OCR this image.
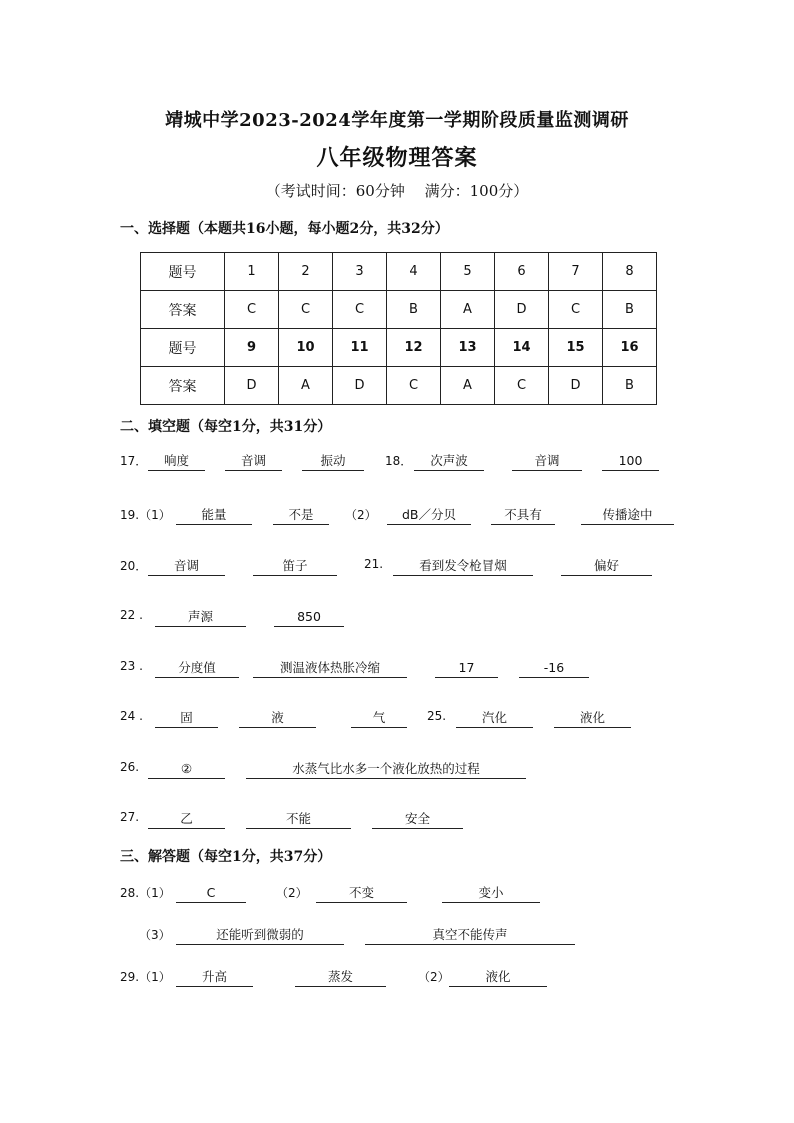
靖城中学2023-2024学年度第一学期阶段质量监测调研
八年级物理答案
（考试时间：60分钟　 满分：100分）
一、选择题（本题共16小题，每小题2分，共32分）
题号	1	2	3	4	5	6	7	8
答案	C	C	C	B	A	D	C	B
题号	9	10	11	12	13	14	15	16
答案	D	A	D	C	A	C	D	B
二、填空题（每空1分，共31分）
17．	响度	音调	振动	18．	次声波	音调	100
19.（1）	能量	不是	（2）	dB／分贝	不具有	传播途中
20．	音调	笛子	21.	看到发令枪冒烟	偏好
22 .	声源	850
23 .	分度值	测温液体热胀冷缩	17	-16
24 .	固	液	气	25.	汽化	液化
26.	②	水蒸气比水多一个液化放热的过程
27.	乙	不能	安全
三、解答题（每空1分，共37分）
28.（1）	C	（2）	不变	变小
（3）	还能听到微弱的	真空不能传声
29.（1）	升高	蒸发	（2）	液化
